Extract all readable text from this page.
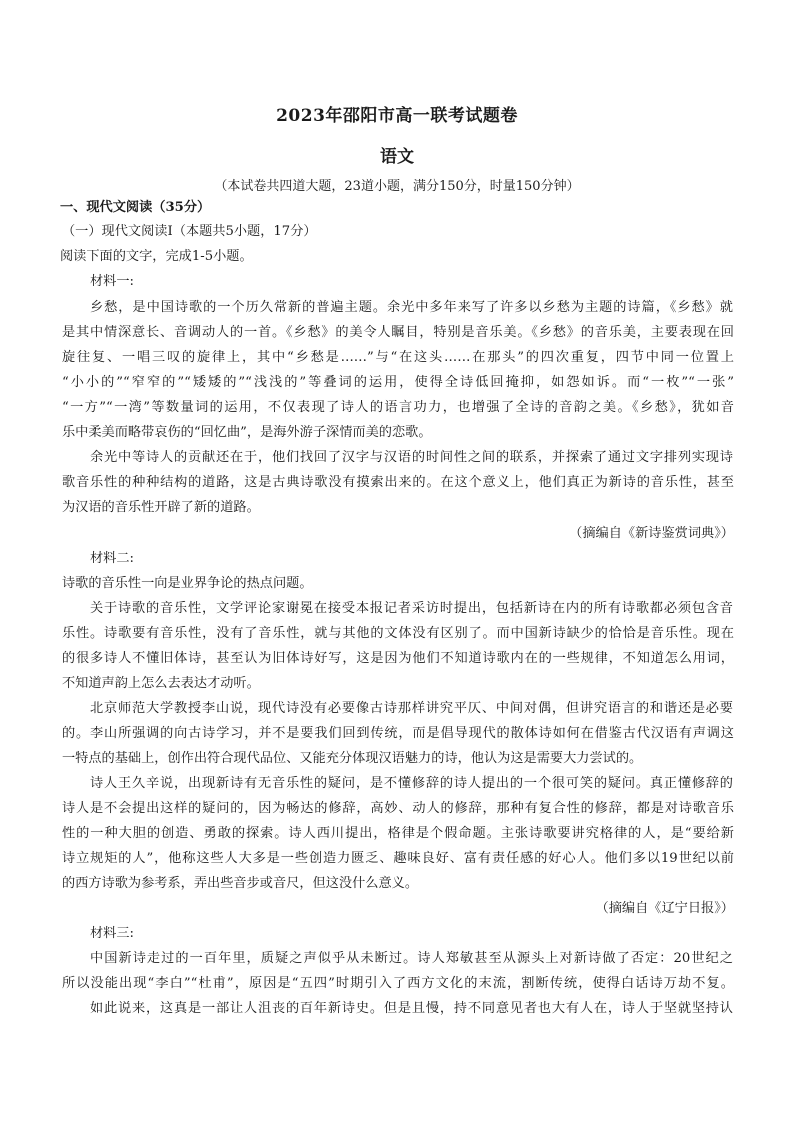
2023年邵阳市高一联考试题卷
语文
（本试卷共四道大题，23道小题，满分150分，时量150分钟）
一、现代文阅读（35分）
（一）现代文阅读Ⅰ（本题共5小题，17分）
阅读下面的文字，完成1-5小题。
材料一:
乡愁，是中国诗歌的一个历久常新的普遍主题。余光中多年来写了许多以乡愁为主题的诗篇，《乡愁》就
是其中情深意长、音调动人的一首。《乡愁》的美令人瞩目，特别是音乐美。《乡愁》的音乐美，主要表现在回
旋往复、一唱三叹的旋律上，其中“乡愁是……”与“在这头……在那头”的四次重复，四节中同一位置上
“小小的”“窄窄的”“矮矮的”“浅浅的”等叠词的运用，使得全诗低回掩抑，如怨如诉。而“一枚”“一张”
“一方”“一湾”等数量词的运用，不仅表现了诗人的语言功力，也增强了全诗的音韵之美。《乡愁》，犹如音
乐中柔美而略带哀伤的“回忆曲”，是海外游子深情而美的恋歌。
余光中等诗人的贡献还在于，他们找回了汉字与汉语的时间性之间的联系，并探索了通过文字排列实现诗
歌音乐性的种种结构的道路，这是古典诗歌没有摸索出来的。在这个意义上，他们真正为新诗的音乐性，甚至
为汉语的音乐性开辟了新的道路。
（摘编自《新诗鉴赏词典》）
材料二:
诗歌的音乐性一向是业界争论的热点问题。
关于诗歌的音乐性，文学评论家谢冕在接受本报记者采访时提出，包括新诗在内的所有诗歌都必须包含音
乐性。诗歌要有音乐性，没有了音乐性，就与其他的文体没有区别了。而中国新诗缺少的恰恰是音乐性。现在
的很多诗人不懂旧体诗，甚至认为旧体诗好写，这是因为他们不知道诗歌内在的一些规律，不知道怎么用词，
不知道声韵上怎么去表达才动听。
北京师范大学教授李山说，现代诗没有必要像古诗那样讲究平仄、中间对偶，但讲究语言的和谐还是必要
的。李山所强调的向古诗学习，并不是要我们回到传统，而是倡导现代的散体诗如何在借鉴古代汉语有声调这
一特点的基础上，创作出符合现代品位、又能充分体现汉语魅力的诗，他认为这是需要大力尝试的。
诗人王久辛说，出现新诗有无音乐性的疑问，是不懂修辞的诗人提出的一个很可笑的疑问。真正懂修辞的
诗人是不会提出这样的疑问的，因为畅达的修辞，高妙、动人的修辞，那种有复合性的修辞，都是对诗歌音乐
性的一种大胆的创造、勇敢的探索。诗人西川提出，格律是个假命题。主张诗歌要讲究格律的人，是“要给新
诗立规矩的人”，他称这些人大多是一些创造力匮乏、趣味良好、富有责任感的好心人。他们多以19世纪以前
的西方诗歌为参考系，弄出些音步或音尺，但这没什么意义。
（摘编自《辽宁日报》）
材料三:
中国新诗走过的一百年里，质疑之声似乎从未断过。诗人郑敏甚至从源头上对新诗做了否定：20世纪之
所以没能出现“李白”“杜甫”，原因是“五四”时期引入了西方文化的末流，割断传统，使得白话诗万劫不复。
如此说来，这真是一部让人沮丧的百年新诗史。但是且慢，持不同意见者也大有人在，诗人于坚就坚持认
